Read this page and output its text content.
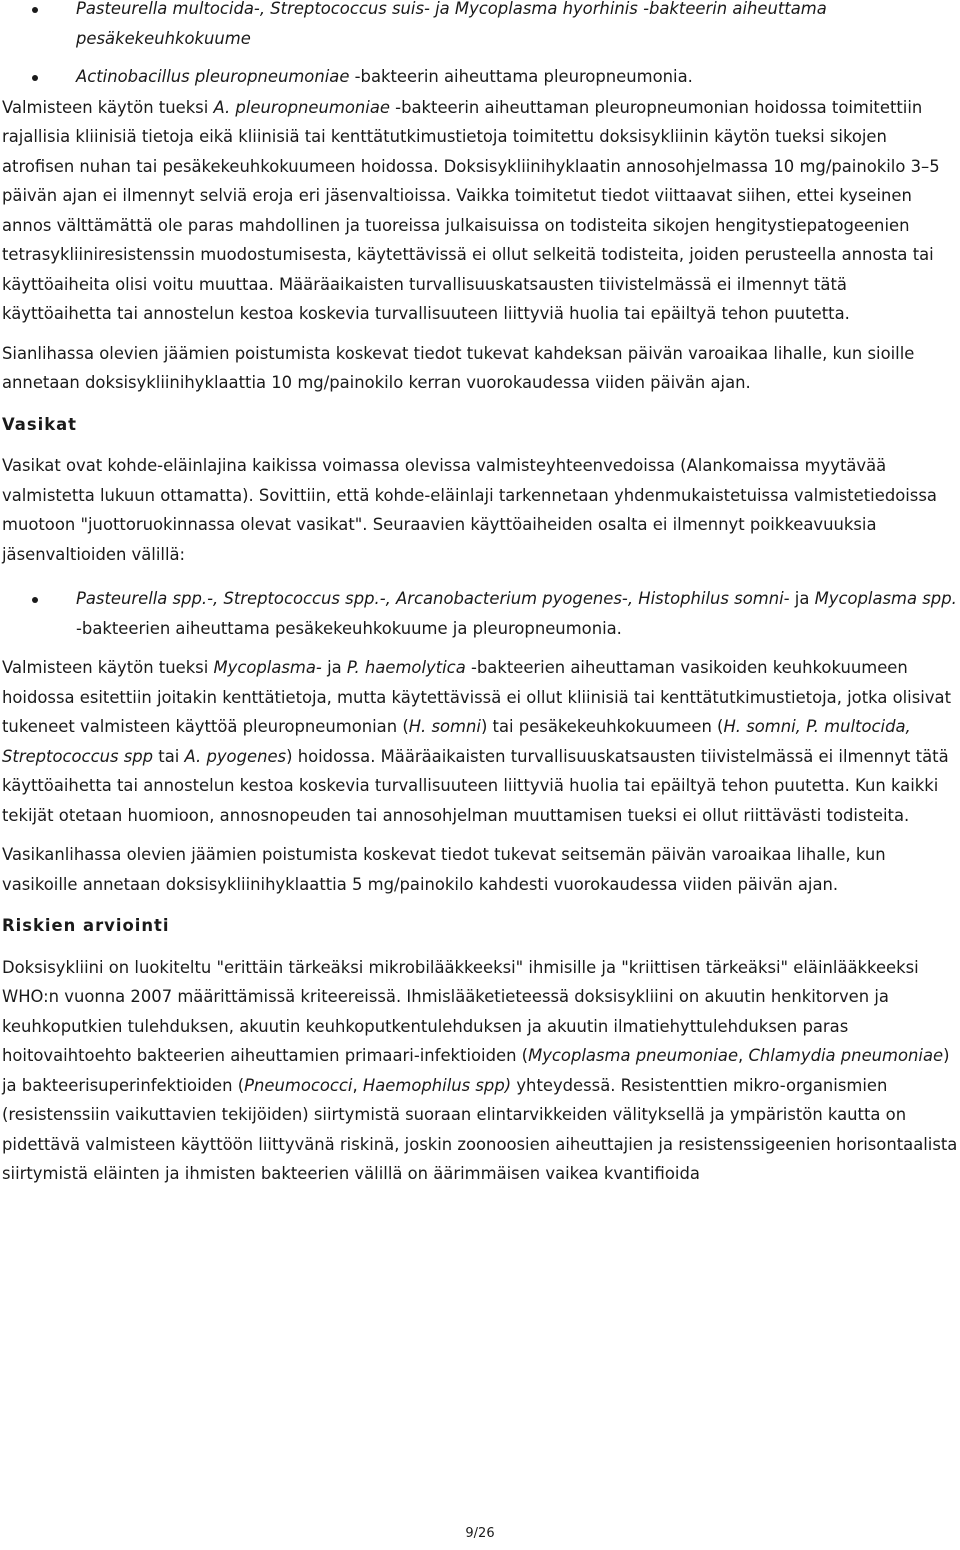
Pasteurella multocida-, Streptococcus suis- ja Mycoplasma hyorhinis -bakteerin aiheuttama pesäkekeuhkokuume
Actinobacillus pleuropneumoniae -bakteerin aiheuttama pleuropneumonia.

Valmisteen käytön tueksi A. pleuropneumoniae -bakteerin aiheuttaman pleuropneumonian hoidossa toimitettiin rajallisia kliinisiä tietoja eikä kliinisiä tai kenttätutkimustietoja toimitettu doksisykliinin käytön tueksi sikojen atrofisen nuhan tai pesäkekeuhkokuumeen hoidossa. Doksisykliinihyklaatin annosohjelmassa 10 mg/painokilo 3–5 päivän ajan ei ilmennyt selviä eroja eri jäsenvaltioissa. Vaikka toimitetut tiedot viittaavat siihen, ettei kyseinen annos välttämättä ole paras mahdollinen ja tuoreissa julkaisuissa on todisteita sikojen hengitystiepatogeenien tetrasykliiniresistenssin muodostumisesta, käytettävissä ei ollut selkeitä todisteita, joiden perusteella annosta tai käyttöaiheita olisi voitu muuttaa. Määräaikaisten turvallisuuskatsausten tiivistelmässä ei ilmennyt tätä käyttöaihetta tai annostelun kestoa koskevia turvallisuuteen liittyviä huolia tai epäiltyä tehon puutetta.

Sianlihassa olevien jäämien poistumista koskevat tiedot tukevat kahdeksan päivän varoaikaa lihalle, kun sioille annetaan doksisykliinihyklaattia 10 mg/painokilo kerran vuorokaudessa viiden päivän ajan.

Vasikat

Vasikat ovat kohde-eläinlajina kaikissa voimassa olevissa valmisteyhteenvedoissa (Alankomaissa myytävää valmistetta lukuun ottamatta). Sovittiin, että kohde-eläinlaji tarkennetaan yhdenmukaistetuissa valmistetiedoissa muotoon "juottoruokinnassa olevat vasikat". Seuraavien käyttöaiheiden osalta ei ilmennyt poikkeavuuksia jäsenvaltioiden välillä:

Pasteurella spp.-, Streptococcus spp.-, Arcanobacterium pyogenes-, Histophilus somni- ja Mycoplasma spp. -bakteerien aiheuttama pesäkekeuhkokuume ja pleuropneumonia.

Valmisteen käytön tueksi Mycoplasma- ja P. haemolytica -bakteerien aiheuttaman vasikoiden keuhkokuumeen hoidossa esitettiin joitakin kenttätietoja, mutta käytettävissä ei ollut kliinisiä tai kenttätutkimustietoja, jotka olisivat tukeneet valmisteen käyttöä pleuropneumonian (H. somni) tai pesäkekeuhkokuumeen (H. somni, P. multocida, Streptococcus spp tai A. pyogenes) hoidossa. Määräaikaisten turvallisuuskatsausten tiivistelmässä ei ilmennyt tätä käyttöaihetta tai annostelun kestoa koskevia turvallisuuteen liittyviä huolia tai epäiltyä tehon puutetta. Kun kaikki tekijät otetaan huomioon, annosnopeuden tai annosohjelman muuttamisen tueksi ei ollut riittävästi todisteita.

Vasikanlihassa olevien jäämien poistumista koskevat tiedot tukevat seitsemän päivän varoaikaa lihalle, kun vasikoille annetaan doksisykliinihyklaattia 5 mg/painokilo kahdesti vuorokaudessa viiden päivän ajan.

Riskien arviointi

Doksisykliini on luokiteltu "erittäin tärkeäksi mikrobilääkkeeksi" ihmisille ja "kriittisen tärkeäksi" eläinlääkkeeksi WHO:n vuonna 2007 määrittämissä kriteereissä. Ihmislääketieteessä doksisykliini on akuutin henkitorven ja keuhkoputkien tulehduksen, akuutin keuhkoputkentulehduksen ja akuutin ilmatiehyttulehduksen paras hoitovaihtoehto bakteerien aiheuttamien primaari-infektioiden (Mycoplasma pneumoniae, Chlamydia pneumoniae) ja bakteerisuperinfektioiden (Pneumococci, Haemophilus spp) yhteydessä. Resistenttien mikro-organismien (resistenssiin vaikuttavien tekijöiden) siirtymistä suoraan elintarvikkeiden välityksellä ja ympäristön kautta on pidettävä valmisteen käyttöön liittyvänä riskinä, joskin zoonoosien aiheuttajien ja resistenssigeenien horisontaalista siirtymistä eläinten ja ihmisten bakteerien välillä on äärimmäisen vaikea kvantifioida

9/26
